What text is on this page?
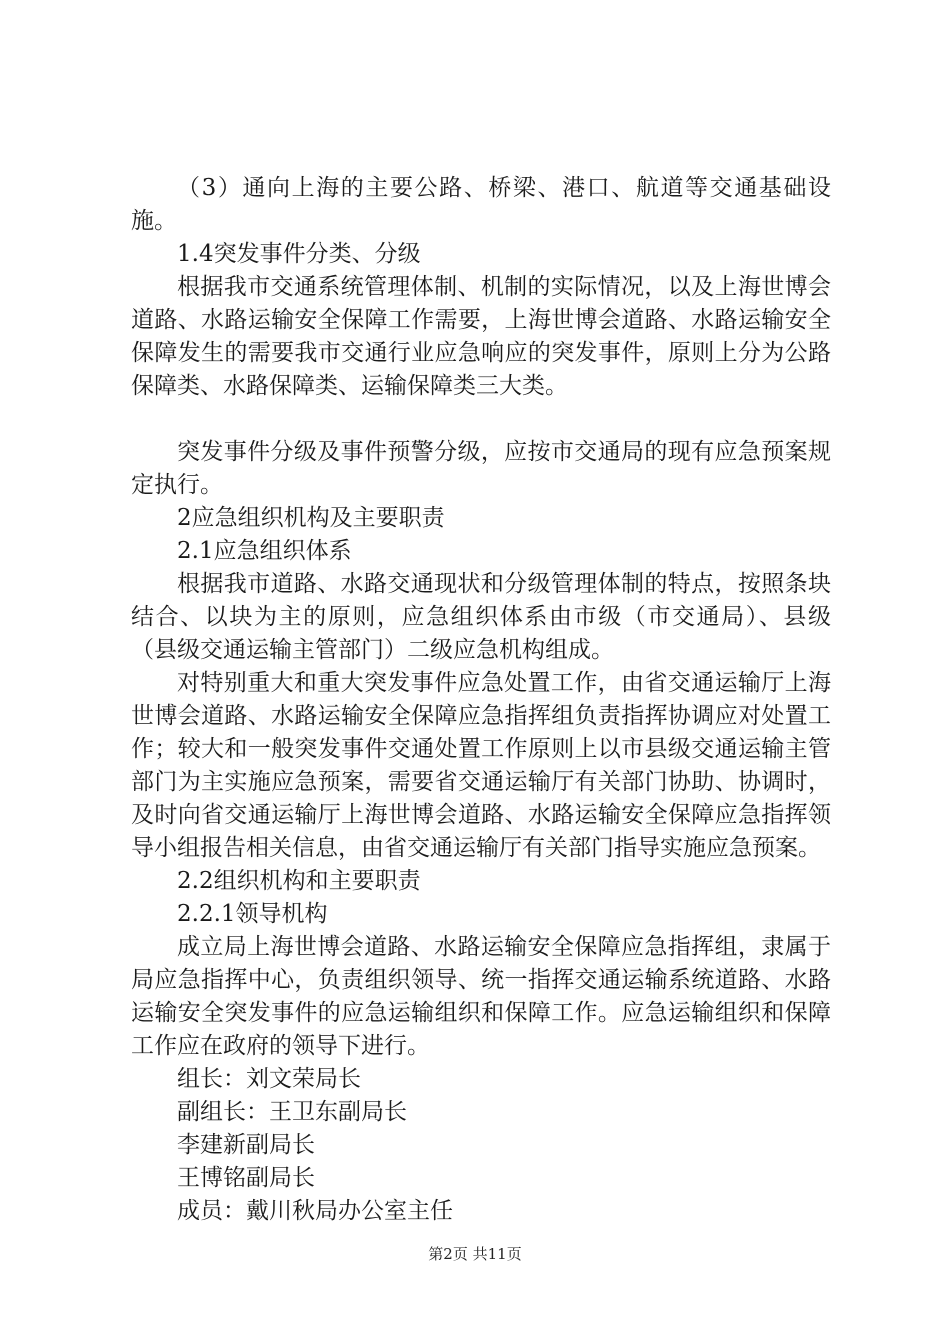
（3）通向上海的主要公路、桥梁、港口、航道等交通基础设施。

1.4突发事件分类、分级

根据我市交通系统管理体制、机制的实际情况，以及上海世博会道路、水路运输安全保障工作需要，上海世博会道路、水路运输安全保障发生的需要我市交通行业应急响应的突发事件，原则上分为公路保障类、水路保障类、运输保障类三大类。

突发事件分级及事件预警分级，应按市交通局的现有应急预案规定执行。

2应急组织机构及主要职责

2.1应急组织体系

根据我市道路、水路交通现状和分级管理体制的特点，按照条块结合、以块为主的原则，应急组织体系由市级（市交通局）、县级（县级交通运输主管部门）二级应急机构组成。

对特别重大和重大突发事件应急处置工作，由省交通运输厅上海世博会道路、水路运输安全保障应急指挥组负责指挥协调应对处置工作；较大和一般突发事件交通处置工作原则上以市县级交通运输主管部门为主实施应急预案，需要省交通运输厅有关部门协助、协调时，及时向省交通运输厅上海世博会道路、水路运输安全保障应急指挥领导小组报告相关信息，由省交通运输厅有关部门指导实施应急预案。

2.2组织机构和主要职责

2.2.1领导机构

成立局上海世博会道路、水路运输安全保障应急指挥组，隶属于局应急指挥中心，负责组织领导、统一指挥交通运输系统道路、水路运输安全突发事件的应急运输组织和保障工作。应急运输组织和保障工作应在政府的领导下进行。

组长：刘文荣局长

副组长：王卫东副局长

李建新副局长

王博铭副局长

成员：戴川秋局办公室主任

第2页 共11页
